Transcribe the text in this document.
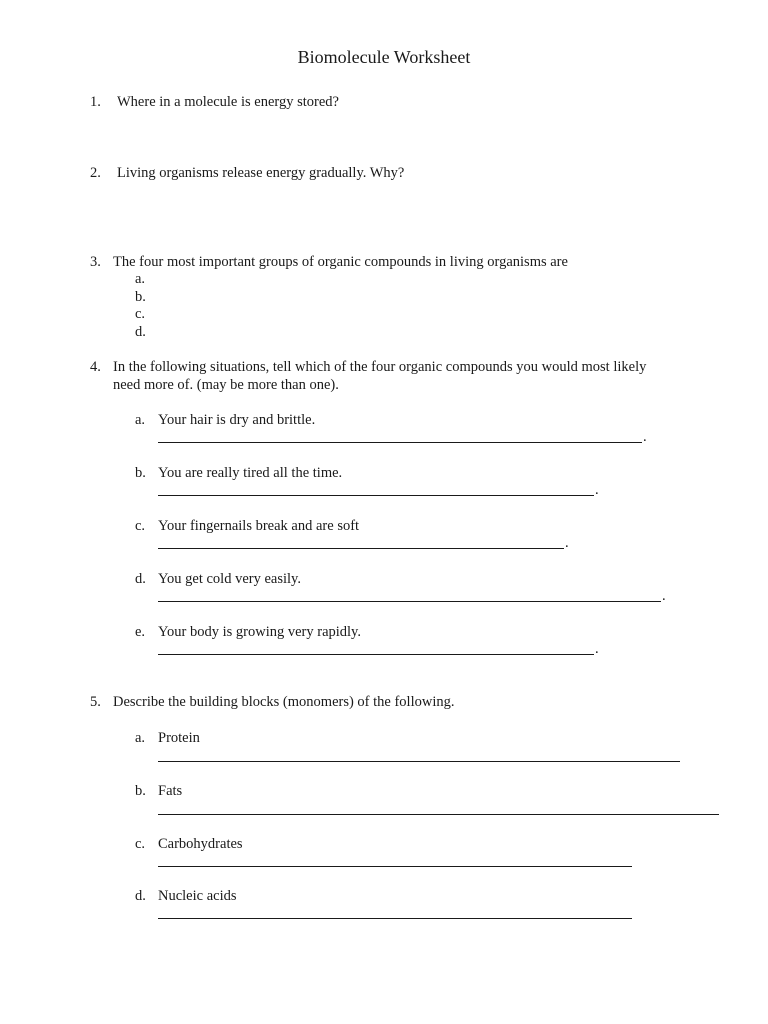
Biomolecule Worksheet
1. Where in a molecule is energy stored?
2. Living organisms release energy gradually. Why?
3. The four most important groups of organic compounds in living organisms are
a.
b.
c.
d.
4. In the following situations, tell which of the four organic compounds you would most likely
need more of. (may be more than one).
a. Your hair is dry and brittle.
.
b. You are really tired all the time.
.
c. Your fingernails break and are soft
.
d. You get cold very easily.
.
e. Your body is growing very rapidly.
.
5. Describe the building blocks (monomers) of the following.
a. Protein
b. Fats
c. Carbohydrates
d. Nucleic acids
